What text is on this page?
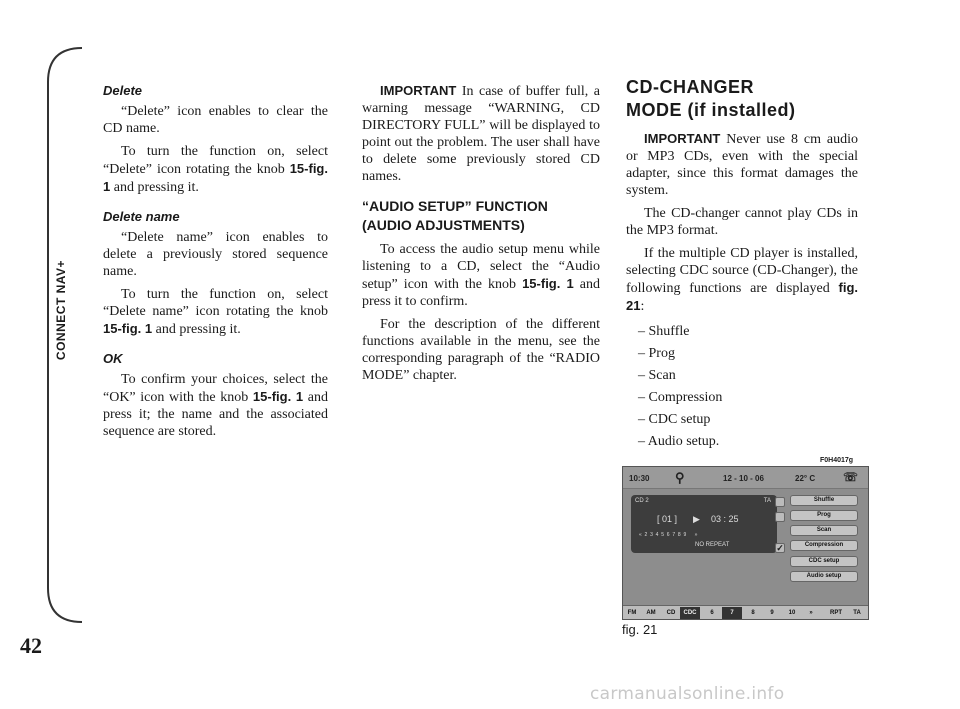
CONNECT NAV+
42
Delete

“Delete” icon enables to clear the CD name.

To turn the function on, select “Delete” icon rotating the knob 15-fig. 1 and pressing it.

Delete name

“Delete name” icon enables to delete a previously stored sequence name.

To turn the function on, select “Delete name” icon rotating the knob 15-fig. 1 and pressing it.

OK

To confirm your choices, select the “OK” icon with the knob 15-fig. 1 and press it; the name and the associated sequence are stored.

IMPORTANT In case of buffer full, a warning message “WARNING, CD DIRECTORY FULL” will be displayed to point out the problem. The user shall have to delete some previously stored CD names.

“AUDIO SETUP” FUNCTION
(AUDIO ADJUSTMENTS)

To access the audio setup menu while listening to a CD, select the “Audio setup” icon with the knob 15-fig. 1 and press it to confirm.

For the description of the different functions available in the menu, see the corresponding paragraph of the “RADIO MODE” chapter.

CD-CHANGER
MODE (if installed)

IMPORTANT Never use 8 cm audio or MP3 CDs, even with the special adapter, since this format damages the system.

The CD-changer cannot play CDs in the MP3 format.

If the multiple CD player is installed, selecting CDC source (CD-Changer), the following functions are displayed fig. 21:

– Shuffle
– Prog
– Scan
– Compression
– CDC setup
– Audio setup.
F0H4017g
10:30 ⚲	12 - 10 - 06	22° C ☏
CD 2	TA
[ 01 ] ▶ 03 : 25
«  2  3  4  5  6  7  8  9      »
NO REPEAT	✓
Shuffle
Prog
Scan
Compression
CDC setup
Audio setup
FM	AM	CD	CDC	6	7	8	9	10	»	RPT	TA
fig. 21
carmanualsonline.info
